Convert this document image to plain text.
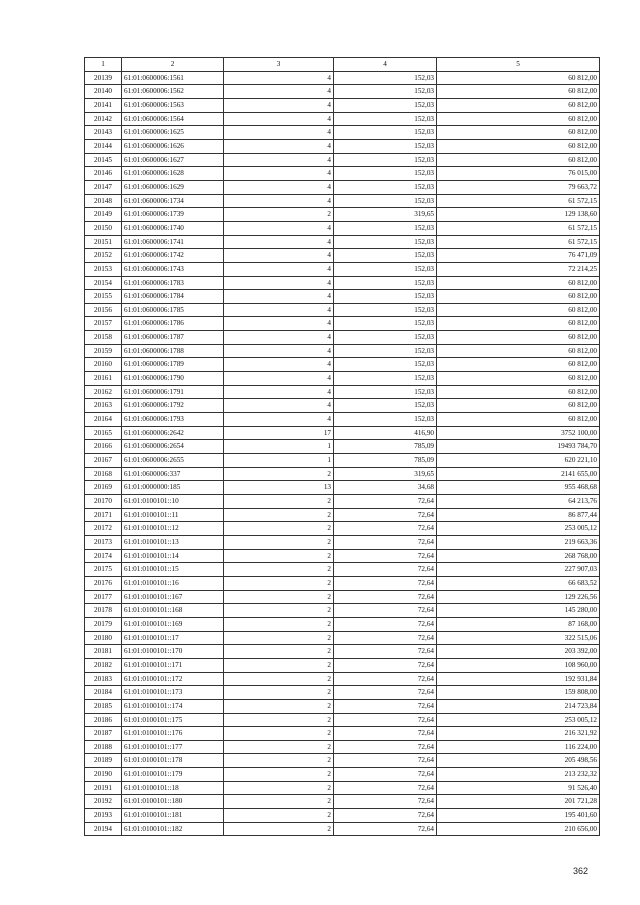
1	2	3	4	5
20139	61:01:0600006:1561	4	152,03	60 812,00
20140	61:01:0600006:1562	4	152,03	60 812,00
20141	61:01:0600006:1563	4	152,03	60 812,00
20142	61:01:0600006:1564	4	152,03	60 812,00
20143	61:01:0600006:1625	4	152,03	60 812,00
20144	61:01:0600006:1626	4	152,03	60 812,00
20145	61:01:0600006:1627	4	152,03	60 812,00
20146	61:01:0600006:1628	4	152,03	76 015,00
20147	61:01:0600006:1629	4	152,03	79 663,72
20148	61:01:0600006:1734	4	152,03	61 572,15
20149	61:01:0600006:1739	2	319,65	129 138,60
20150	61:01:0600006:1740	4	152,03	61 572,15
20151	61:01:0600006:1741	4	152,03	61 572,15
20152	61:01:0600006:1742	4	152,03	76 471,09
20153	61:01:0600006:1743	4	152,03	72 214,25
20154	61:01:0600006:1783	4	152,03	60 812,00
20155	61:01:0600006:1784	4	152,03	60 812,00
20156	61:01:0600006:1785	4	152,03	60 812,00
20157	61:01:0600006:1786	4	152,03	60 812,00
20158	61:01:0600006:1787	4	152,03	60 812,00
20159	61:01:0600006:1788	4	152,03	60 812,00
20160	61:01:0600006:1789	4	152,03	60 812,00
20161	61:01:0600006:1790	4	152,03	60 812,00
20162	61:01:0600006:1791	4	152,03	60 812,00
20163	61:01:0600006:1792	4	152,03	60 812,00
20164	61:01:0600006:1793	4	152,03	60 812,00
20165	61:01:0600006:2642	17	416,90	3752 100,00
20166	61:01:0600006:2654	1	785,09	19493 784,70
20167	61:01:0600006:2655	1	785,09	620 221,10
20168	61:01:0600006:337	2	319,65	2141 655,00
20169	61:01:0000000:185	13	34,68	955 468,68
20170	61:01:0100101::10	2	72,64	64 213,76
20171	61:01:0100101::11	2	72,64	86 877,44
20172	61:01:0100101::12	2	72,64	253 005,12
20173	61:01:0100101::13	2	72,64	219 663,36
20174	61:01:0100101::14	2	72,64	268 768,00
20175	61:01:0100101::15	2	72,64	227 907,03
20176	61:01:0100101::16	2	72,64	66 683,52
20177	61:01:0100101::167	2	72,64	129 226,56
20178	61:01:0100101::168	2	72,64	145 280,00
20179	61:01:0100101::169	2	72,64	87 168,00
20180	61:01:0100101::17	2	72,64	322 515,06
20181	61:01:0100101::170	2	72,64	203 392,00
20182	61:01:0100101::171	2	72,64	108 960,00
20183	61:01:0100101::172	2	72,64	192 931,84
20184	61:01:0100101::173	2	72,64	159 808,00
20185	61:01:0100101::174	2	72,64	214 723,84
20186	61:01:0100101::175	2	72,64	253 005,12
20187	61:01:0100101::176	2	72,64	216 321,92
20188	61:01:0100101::177	2	72,64	116 224,00
20189	61:01:0100101::178	2	72,64	205 498,56
20190	61:01:0100101::179	2	72,64	213 232,32
20191	61:01:0100101::18	2	72,64	91 526,40
20192	61:01:0100101::180	2	72,64	201 721,28
20193	61:01:0100101::181	2	72,64	195 401,60
20194	61:01:0100101::182	2	72,64	210 656,00
362
